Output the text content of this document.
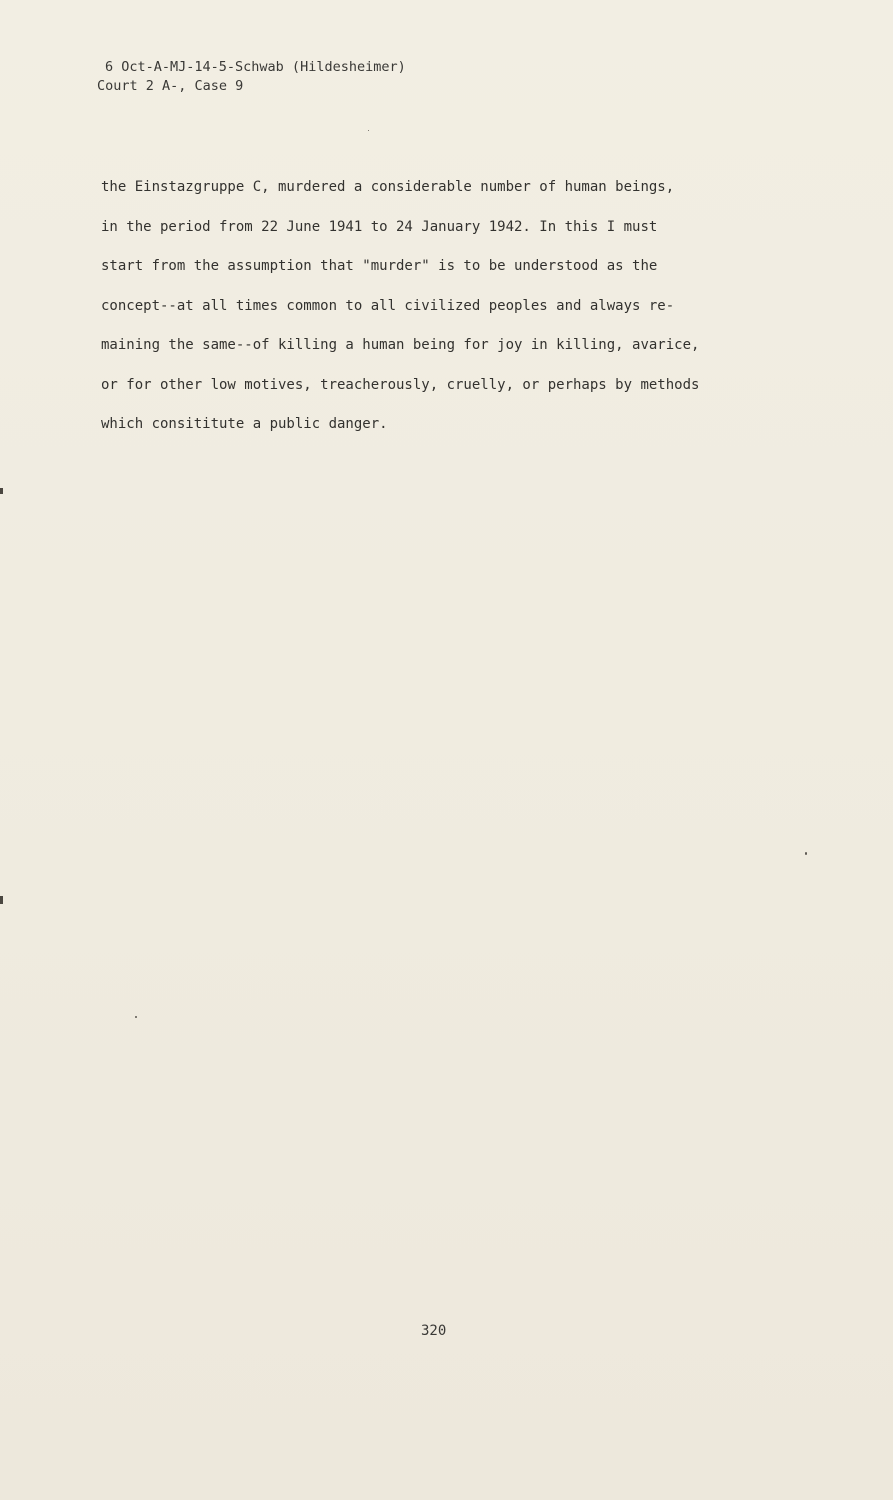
6 Oct-A-MJ-14-5-Schwab (Hildesheimer)
Court 2 A-, Case 9
the Einstazgruppe C, murdered a considerable number of human beings,
in the period from 22 June 1941 to 24 January 1942. In this I must
start from the assumption that "murder" is to be understood as the
concept--at all times common to all civilized peoples and always re-
maining the same--of killing a human being for joy in killing, avarice,
or for other low motives, treacherously, cruelly, or perhaps by methods
which consititute a public danger.
320
